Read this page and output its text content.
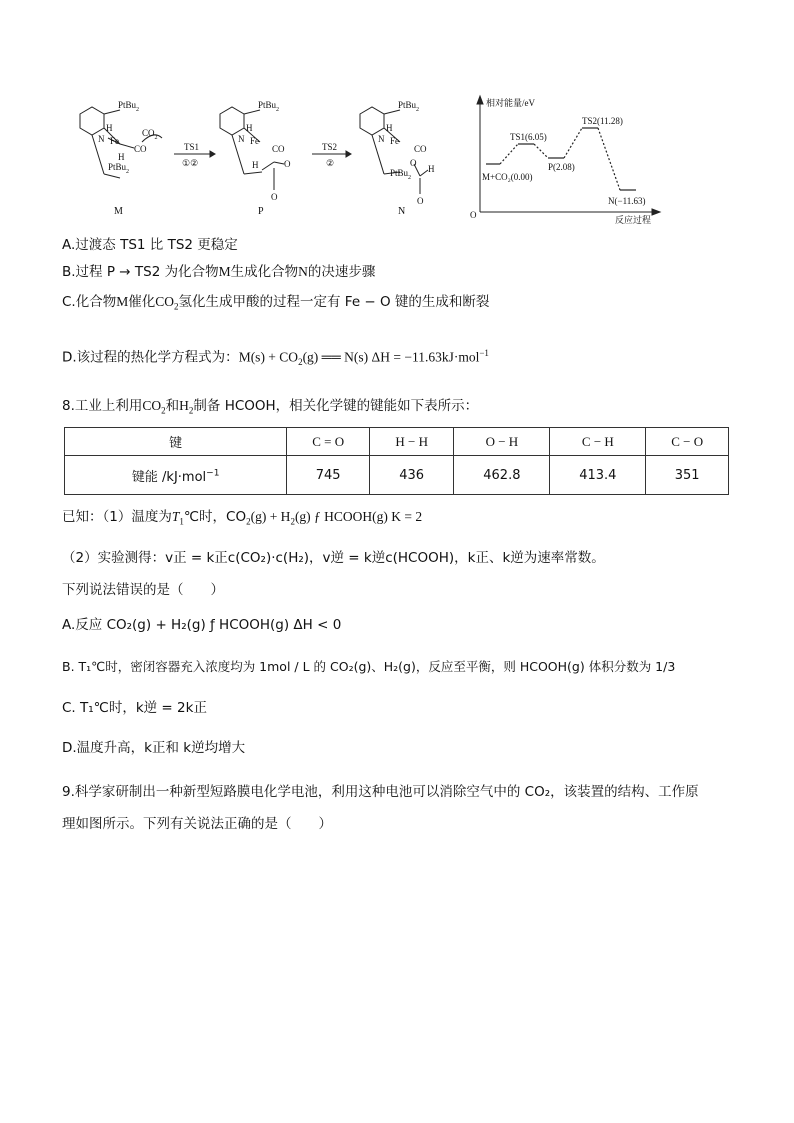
PtBu$_2$
H
N Fe
CO
$CO_2$
H
PtBu$_2$
M
TS1
①②
PtBu$_2$
H
N Fe
CO
H	O
O
P
TS2
②
PtBu$_2$
H
N Fe
CO
O
PtBu$_2$
H
O
N
相对能量/eV
O	反应过程
M+CO₂(0.00)
TS1(6.05)
P(2.08)
TS2(11.28)
N(−11.63)
A.过渡态 TS1 比 TS2 更稳定
B.过程 P → TS2 为化合物M生成化合物N的决速步骤
C.化合物M催化$CO_2$氢化生成甲酸的过程一定有 Fe − O 键的生成和断裂
D.该过程的热化学方程式为：$M(s) + CO_2(g)$ ══ N(s) ΔH = −11.63kJ·mol$^{-1}$
8.工业上利用$CO_2$和$H_2$制备 HCOOH，相关化学键的键能如下表所示：
键	C = O	H − H	O − H	C − H	C − O
键能 /kJ·mol$^{-1}$	745	436	462.8	413.4	351
已知：（1）温度为$T_1℃$时，$CO_2(g) + H_2(g)$ ƒ HCOOH(g) K = 2
（2）实验测得：v正 = k正c(CO₂)·c(H₂)，v逆 = k逆c(HCOOH)，k正、k逆为速率常数。
下列说法错误的是（　　）
A.反应 CO₂(g) + H₂(g) ƒ HCOOH(g) ΔH < 0
B. T₁℃时，密闭容器充入浓度均为 1mol / L 的 CO₂(g)、H₂(g)，反应至平衡，则 HCOOH(g) 体积分数为 1/3
C. T₁℃时，k逆 = 2k正
D.温度升高，k正和 k逆均增大
9.科学家研制出一种新型短路膜电化学电池，利用这种电池可以消除空气中的 CO₂，该装置的结构、工作原
理如图所示。下列有关说法正确的是（　　）
